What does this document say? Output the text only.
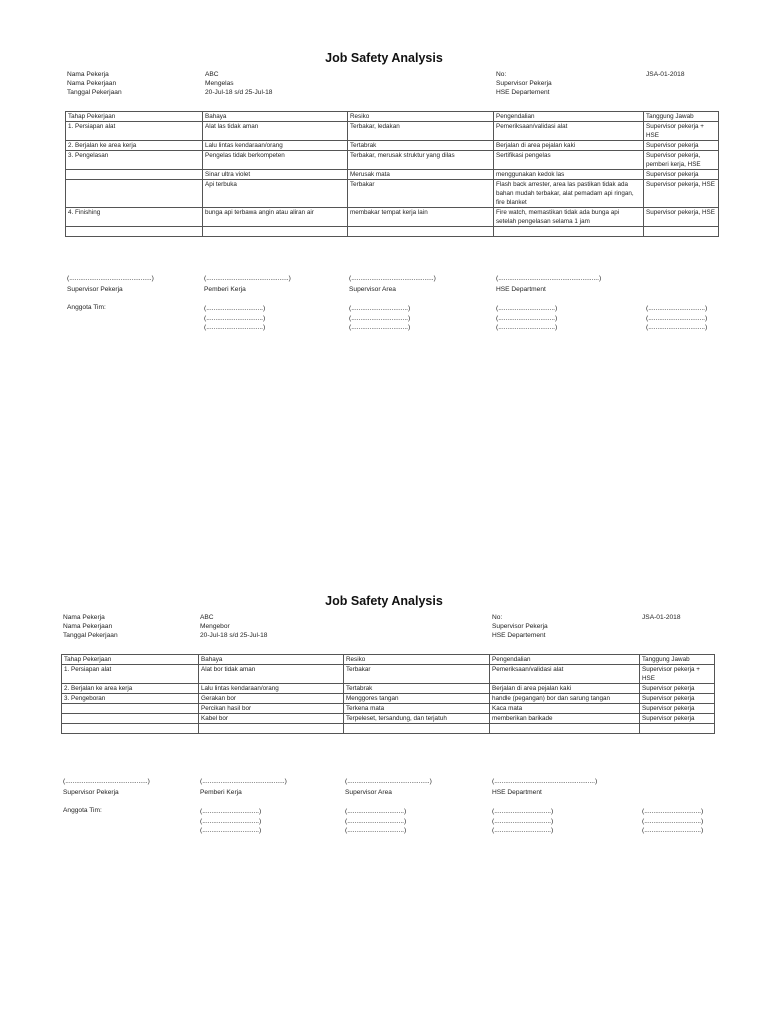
Job Safety Analysis
Nama Pekerja
Nama Pekerjaan
Tanggal Pekerjaan
ABC
Mengelas
20-Jul-18 s/d 25-Jul-18
No:
Supervisor Pekerja
HSE Departement
JSA-01-2018
Tahap Pekerjaan	Bahaya	Resiko	Pengendalian	Tanggung Jawab
1. Persiapan alat	Alat las tidak aman	Terbakar, ledakan	Pemeriksaan/validasi alat	Supervisor pekerja + HSE
2. Berjalan ke area kerja	Lalu lintas kendaraan/orang	Tertabrak	Berjalan di area pejalan kaki	Supervisor pekerja
3. Pengelasan	Pengelas tidak berkompeten	Terbakar, merusak struktur yang dilas	Sertifikasi pengelas	Supervisor pekerja, pemberi kerja, HSE
	Sinar ultra violet	Merusak mata	menggunakan kedok las	Supervisor pekerja
	Api terbuka	Terbakar	Flash back arrester, area las pastikan tidak ada bahan mudah terbakar, alat pemadam api ringan, fire blanket	Supervisor pekerja, HSE
4. Finishing	bunga api terbawa angin atau aliran air	membakar tempat kerja lain	Fire watch, memastikan tidak ada bunga api setelah pengelasan selama 1 jam	Supervisor pekerja, HSE

(.............................................)
Supervisor Pekerja
(.............................................)
Pemberi Kerja
(.............................................)
Supervisor Area
(.......................................................)
HSE Department
Anggota Tim:	(...............................)
(...............................)
(...............................)
(...............................)
(...............................)
(...............................)
(...............................)
(...............................)
(...............................)
(...............................)
(...............................)
(...............................)
Job Safety Analysis
Nama Pekerja
Nama Pekerjaan
Tanggal Pekerjaan
ABC
Mengebor
20-Jul-18 s/d 25-Jul-18
No:
Supervisor Pekerja
HSE Departement
JSA-01-2018
Tahap Pekerjaan	Bahaya	Resiko	Pengendalian	Tanggung Jawab
1. Persiapan alat	Alat bor tidak aman	Terbakar	Pemeriksaan/validasi alat	Supervisor pekerja + HSE
2. Berjalan ke area kerja	Lalu lintas kendaraan/orang	Tertabrak	Berjalan di area pejalan kaki	Supervisor pekerja
3. Pengeboran	Gerakan bor	Menggores tangan	handle (pegangan) bor dan sarung tangan	Supervisor pekerja
	Percikan hasil bor	Terkena mata	Kaca mata	Supervisor pekerja
	Kabel bor	Terpeleset, tersandung, dan terjatuh	memberikan barikade	Supervisor pekerja

(.............................................)
Supervisor Pekerja
(.............................................)
Pemberi Kerja
(.............................................)
Supervisor Area
(.......................................................)
HSE Department
Anggota Tim:	(...............................)
(...............................)
(...............................)
(...............................)
(...............................)
(...............................)
(...............................)
(...............................)
(...............................)
(...............................)
(...............................)
(...............................)
